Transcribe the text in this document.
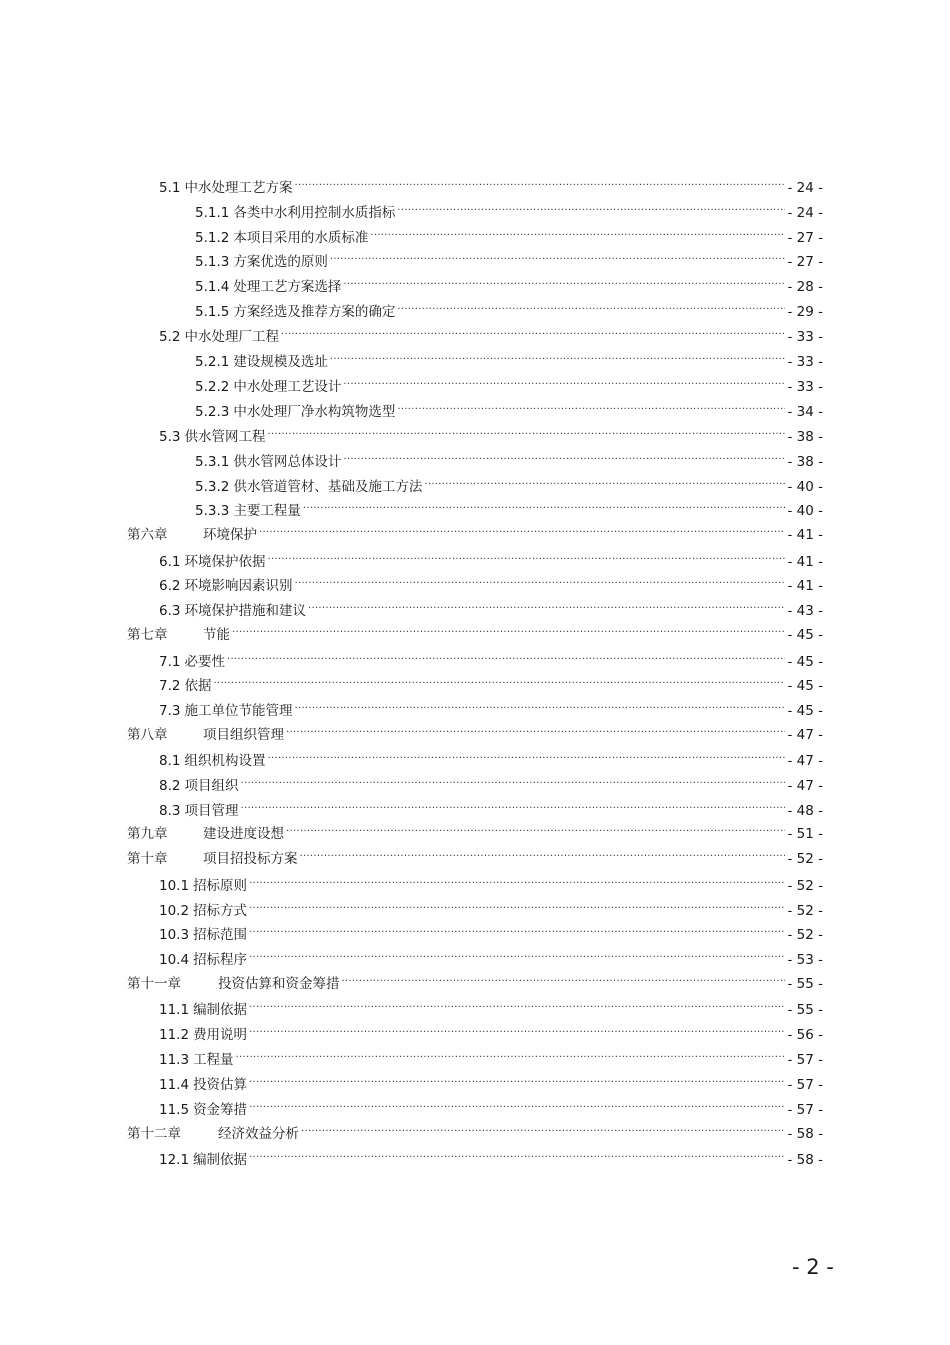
5.1 中水处理工艺方案 .....	- 24 -
5.1.1 各类中水利用控制水质指标 .....	- 24 -
5.1.2 本项目采用的水质标准 .....	- 27 -
5.1.3 方案优选的原则 .....	- 27 -
5.1.4 处理工艺方案选择 .....	- 28 -
5.1.5 方案经选及推荐方案的确定 .....	- 29 -
5.2 中水处理厂工程 .....	- 33 -
5.2.1 建设规模及选址 .....	- 33 -
5.2.2 中水处理工艺设计 .....	- 33 -
5.2.3 中水处理厂净水构筑物选型 .....	- 34 -
5.3 供水管网工程 .....	- 38 -
5.3.1 供水管网总体设计 .....	- 38 -
5.3.2 供水管道管材、基础及施工方法 .....	- 40 -
5.3.3 主要工程量 .....	- 40 -
第六章	环境保护 .....	- 41 -
6.1 环境保护依据 .....	- 41 -
6.2 环境影响因素识别 .....	- 41 -
6.3 环境保护措施和建议 .....	- 43 -
第七章	节能 .....	- 45 -
7.1 必要性 .....	- 45 -
7.2 依据 .....	- 45 -
7.3 施工单位节能管理 .....	- 45 -
第八章	项目组织管理 .....	- 47 -
8.1 组织机构设置 .....	- 47 -
8.2 项目组织 .....	- 47 -
8.3 项目管理 .....	- 48 -
第九章	建设进度设想 .....	- 51 -
第十章	项目招投标方案 .....	- 52 -
10.1 招标原则 .....	- 52 -
10.2 招标方式 .....	- 52 -
10.3 招标范围 .....	- 52 -
10.4 招标程序 .....	- 53 -
第十一章	投资估算和资金筹措 .....	- 55 -
11.1 编制依据 .....	- 55 -
11.2 费用说明 .....	- 56 -
11.3 工程量 .....	- 57 -
11.4 投资估算 .....	- 57 -
11.5 资金筹措 .....	- 57 -
第十二章	经济效益分析 .....	- 58 -
12.1 编制依据 .....	- 58 -
- 2 -
